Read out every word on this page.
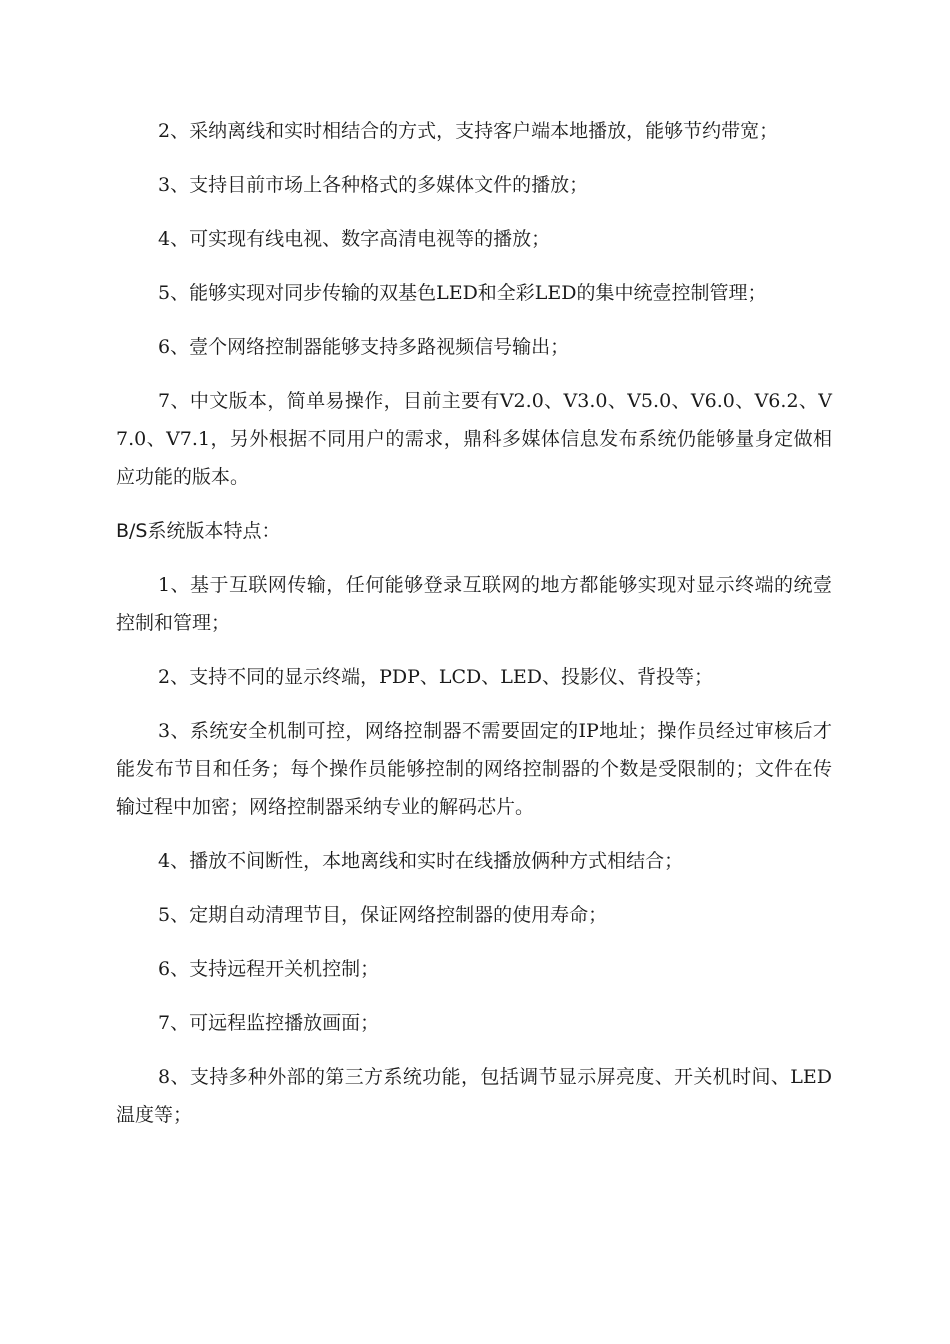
2、采纳离线和实时相结合的方式，支持客户端本地播放，能够节约带宽；

3、支持目前市场上各种格式的多媒体文件的播放；

4、可实现有线电视、数字高清电视等的播放；

5、能够实现对同步传输的双基色LED和全彩LED的集中统壹控制管理；

6、壹个网络控制器能够支持多路视频信号输出；

7、中文版本，简单易操作，目前主要有V2.0、V3.0、V5.0、V6.0、V6.2、V7.0、V7.1，另外根据不同用户的需求，鼎科多媒体信息发布系统仍能够量身定做相应功能的版本。

B/S系统版本特点：

1、基于互联网传输，任何能够登录互联网的地方都能够实现对显示终端的统壹控制和管理；

2、支持不同的显示终端，PDP、LCD、LED、投影仪、背投等；

3、系统安全机制可控，网络控制器不需要固定的IP地址；操作员经过审核后才能发布节目和任务；每个操作员能够控制的网络控制器的个数是受限制的；文件在传输过程中加密；网络控制器采纳专业的解码芯片。

4、播放不间断性，本地离线和实时在线播放俩种方式相结合；

5、定期自动清理节目，保证网络控制器的使用寿命；

6、支持远程开关机控制；

7、可远程监控播放画面；

8、支持多种外部的第三方系统功能，包括调节显示屏亮度、开关机时间、LED温度等；
